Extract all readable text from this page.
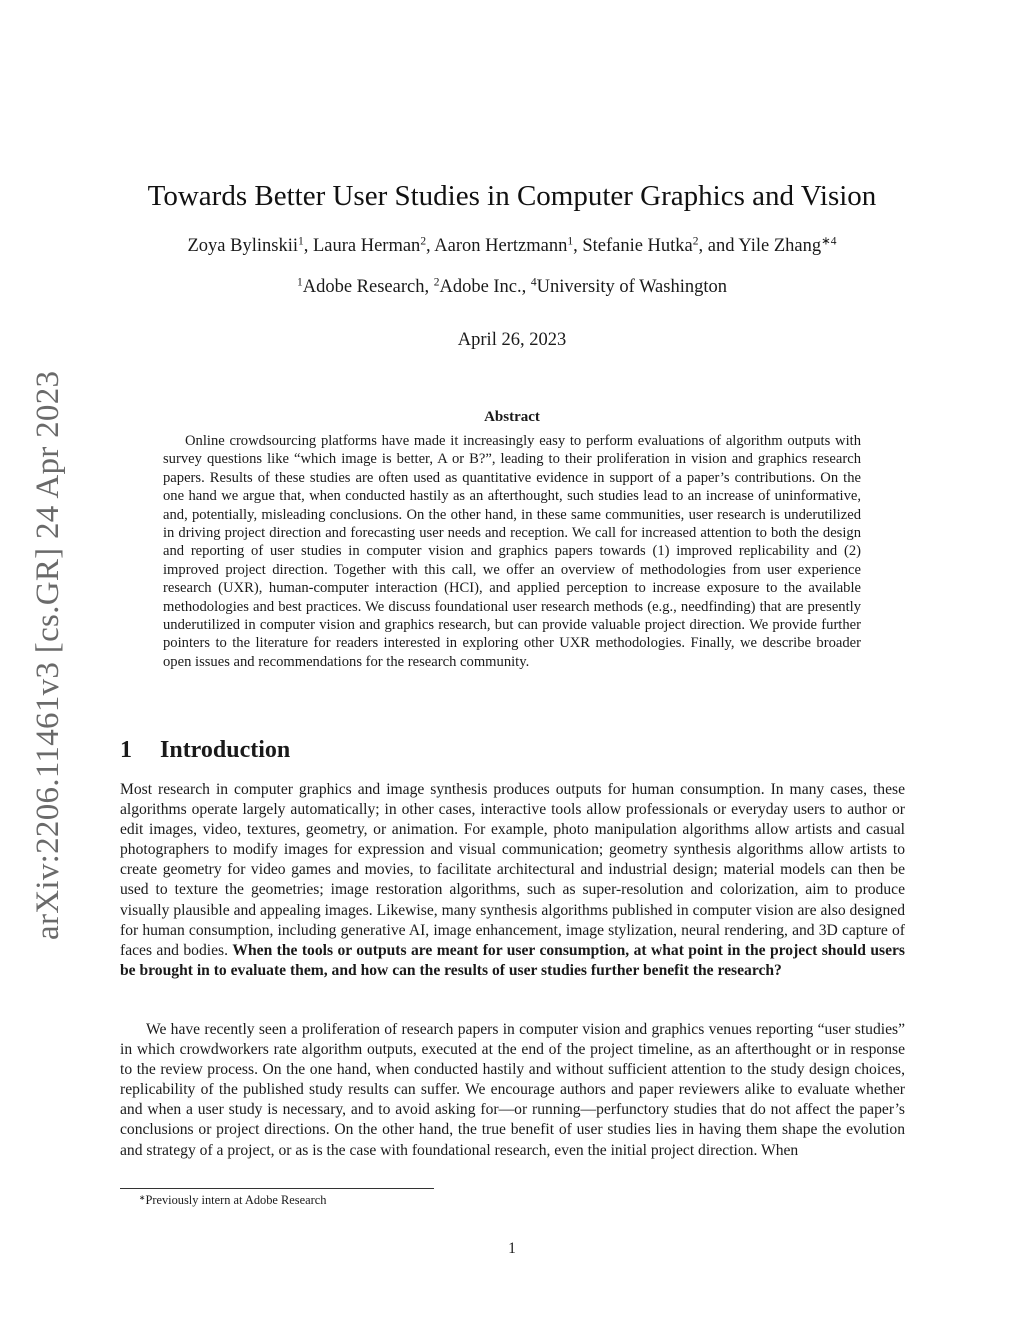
arXiv:2206.11461v3 [cs.GR] 24 Apr 2023
Towards Better User Studies in Computer Graphics and Vision
Zoya Bylinskii$^1$, Laura Herman$^2$, Aaron Hertzmann$^1$, Stefanie Hutka$^2$, and Yile Zhang$^{∗4}$
$^1$Adobe Research, $^2$Adobe Inc., $^4$University of Washington
April 26, 2023
Abstract

Online crowdsourcing platforms have made it increasingly easy to perform evaluations of algorithm outputs with survey questions like “which image is better, A or B?”, leading to their proliferation in vision and graphics research papers. Results of these studies are often used as quantitative evidence in support of a paper’s contributions. On the one hand we argue that, when conducted hastily as an afterthought, such studies lead to an increase of uninformative, and, potentially, misleading conclusions. On the other hand, in these same communities, user research is underutilized in driving project direction and forecasting user needs and reception. We call for increased attention to both the design and reporting of user studies in computer vision and graphics papers towards (1) improved replicability and (2) improved project direction. Together with this call, we offer an overview of methodologies from user experience research (UXR), human-computer interaction (HCI), and applied perception to increase exposure to the available methodologies and best practices. We discuss foundational user research methods (e.g., needfinding) that are presently underutilized in computer vision and graphics research, but can provide valuable project direction. We provide further pointers to the literature for readers interested in exploring other UXR methodologies. Finally, we describe broader open issues and recommendations for the research community.

1 Introduction

Most research in computer graphics and image synthesis produces outputs for human consumption. In many cases, these algorithms operate largely automatically; in other cases, interactive tools allow professionals or everyday users to author or edit images, video, textures, geometry, or animation. For example, photo manipulation algorithms allow artists and casual photographers to modify images for expression and visual communication; geometry synthesis algorithms allow artists to create geometry for video games and movies, to facilitate architectural and industrial design; material models can then be used to texture the geometries; image restoration algorithms, such as super-resolution and colorization, aim to produce visually plausible and appealing images. Likewise, many synthesis algorithms published in computer vision are also designed for human consumption, including generative AI, image enhancement, image stylization, neural rendering, and 3D capture of faces and bodies. When the tools or outputs are meant for user consumption, at what point in the project should users be brought in to evaluate them, and how can the results of user studies further benefit the research?

We have recently seen a proliferation of research papers in computer vision and graphics venues reporting “user studies” in which crowdworkers rate algorithm outputs, executed at the end of the project timeline, as an afterthought or in response to the review process. On the one hand, when conducted hastily and without sufficient attention to the study design choices, replicability of the published study results can suffer. We encourage authors and paper reviewers alike to evaluate whether and when a user study is necessary, and to avoid asking for—or running—perfunctory studies that do not affect the paper’s conclusions or project directions. On the other hand, the true benefit of user studies lies in having them shape the evolution and strategy of a project, or as is the case with foundational research, even the initial project direction. When

∗Previously intern at Adobe Research
1
